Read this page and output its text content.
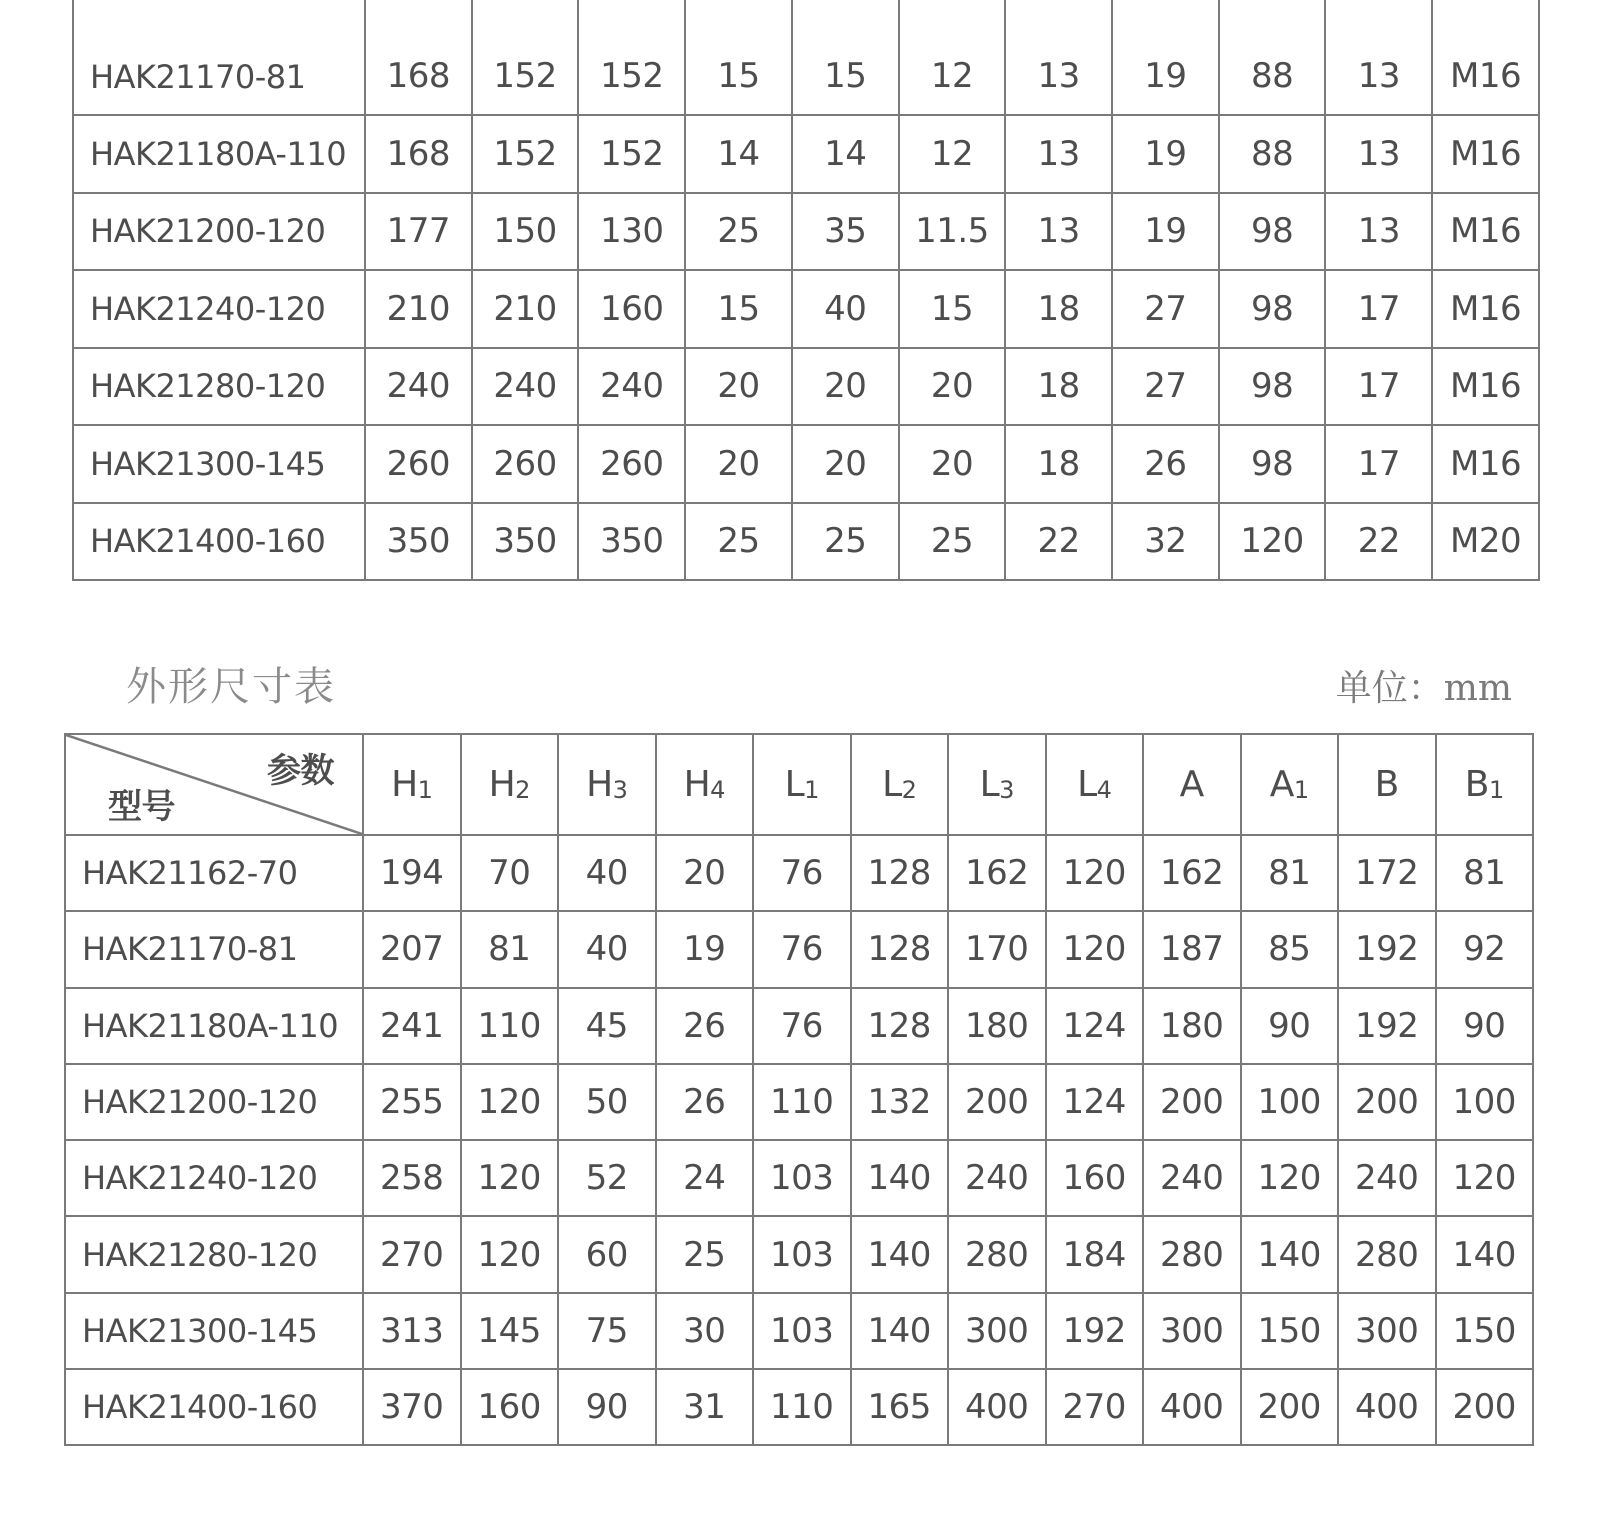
HAK21170-81	168	152	152	15	15	12	13	19	88	13	M16
HAK21180A-110	168	152	152	14	14	12	13	19	88	13	M16
HAK21200-120	177	150	130	25	35	11.5	13	19	98	13	M16
HAK21240-120	210	210	160	15	40	15	18	27	98	17	M16
HAK21280-120	240	240	240	20	20	20	18	27	98	17	M16
HAK21300-145	260	260	260	20	20	20	18	26	98	17	M16
HAK21400-160	350	350	350	25	25	25	22	32	120	22	M20
外形尺寸表	单位：mm
参数
型号	$H_1$	$H_2$	$H_3$	$H_4$	$L_1$	$L_2$	$L_3$	$L_4$	A	$A_1$	B	$B_1$
HAK21162-70	194	70	40	20	76	128	162	120	162	81	172	81
HAK21170-81	207	81	40	19	76	128	170	120	187	85	192	92
HAK21180A-110	241	110	45	26	76	128	180	124	180	90	192	90
HAK21200-120	255	120	50	26	110	132	200	124	200	100	200	100
HAK21240-120	258	120	52	24	103	140	240	160	240	120	240	120
HAK21280-120	270	120	60	25	103	140	280	184	280	140	280	140
HAK21300-145	313	145	75	30	103	140	300	192	300	150	300	150
HAK21400-160	370	160	90	31	110	165	400	270	400	200	400	200
